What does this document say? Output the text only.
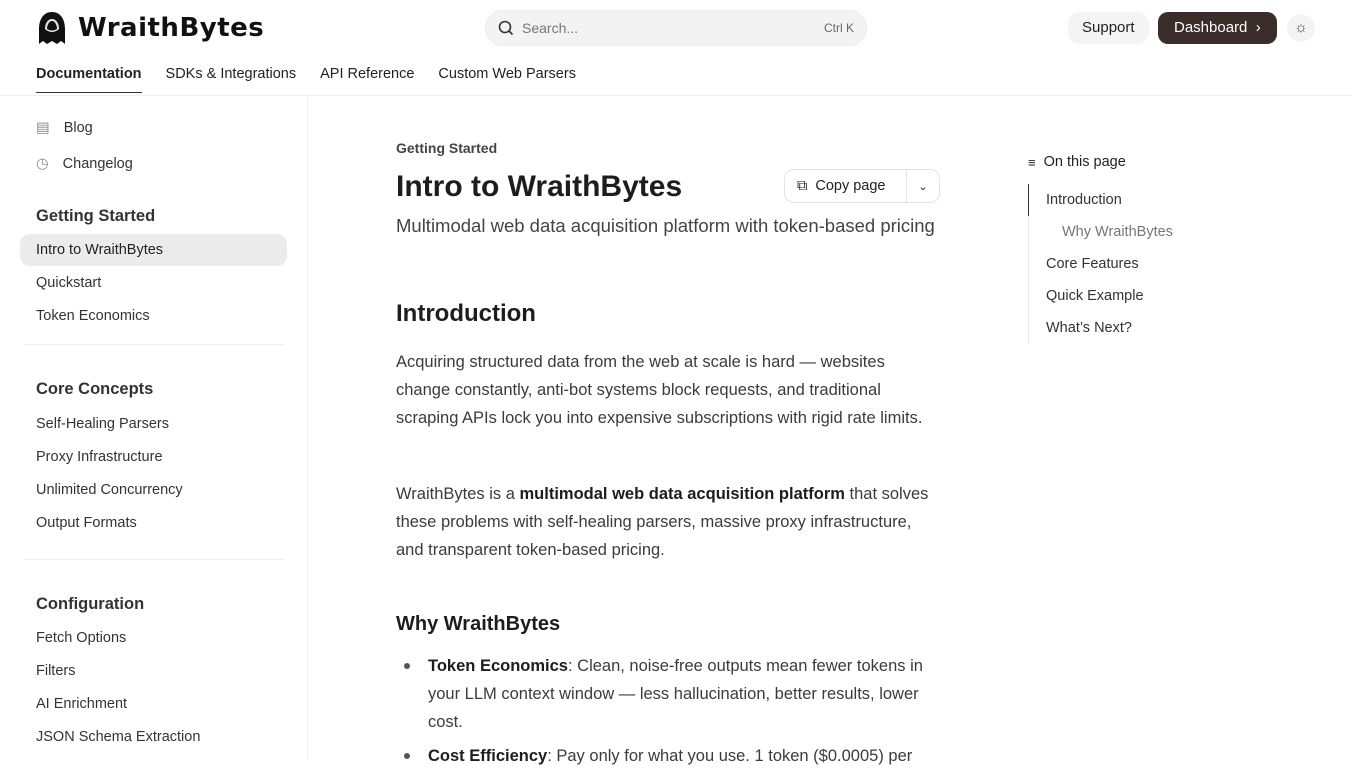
WraithBytes	Search...	Ctrl K	Support	Dashboard ›	☼
Documentation SDKs & Integrations API Reference Custom Web Parsers
▤ Blog
◷ Changelog
Getting Started
Intro to WraithBytes
Quickstart
Token Economics
Core Concepts
Self-Healing Parsers
Proxy Infrastructure
Unlimited Concurrency
Output Formats
Configuration
Fetch Options
Filters
AI Enrichment
JSON Schema Extraction
Getting Started
Intro to WraithBytes	⧉ Copy page	⌄
Multimodal web data acquisition platform with token-based pricing
Introduction

Acquiring structured data from the web at scale is hard — websites change constantly, anti-bot systems block requests, and traditional scraping APIs lock you into expensive subscriptions with rigid rate limits.

WraithBytes is a multimodal web data acquisition platform that solves these problems with self-healing parsers, massive proxy infrastructure, and transparent token-based pricing.

Why WraithBytes
Token Economics: Clean, noise-free outputs mean fewer tokens in your LLM context window — less hallucination, better results, lower cost.
Cost Efficiency: Pay only for what you use. 1 token ($0.0005) per
≡ On this page
Introduction
Why WraithBytes
Core Features
Quick Example
What’s Next?
